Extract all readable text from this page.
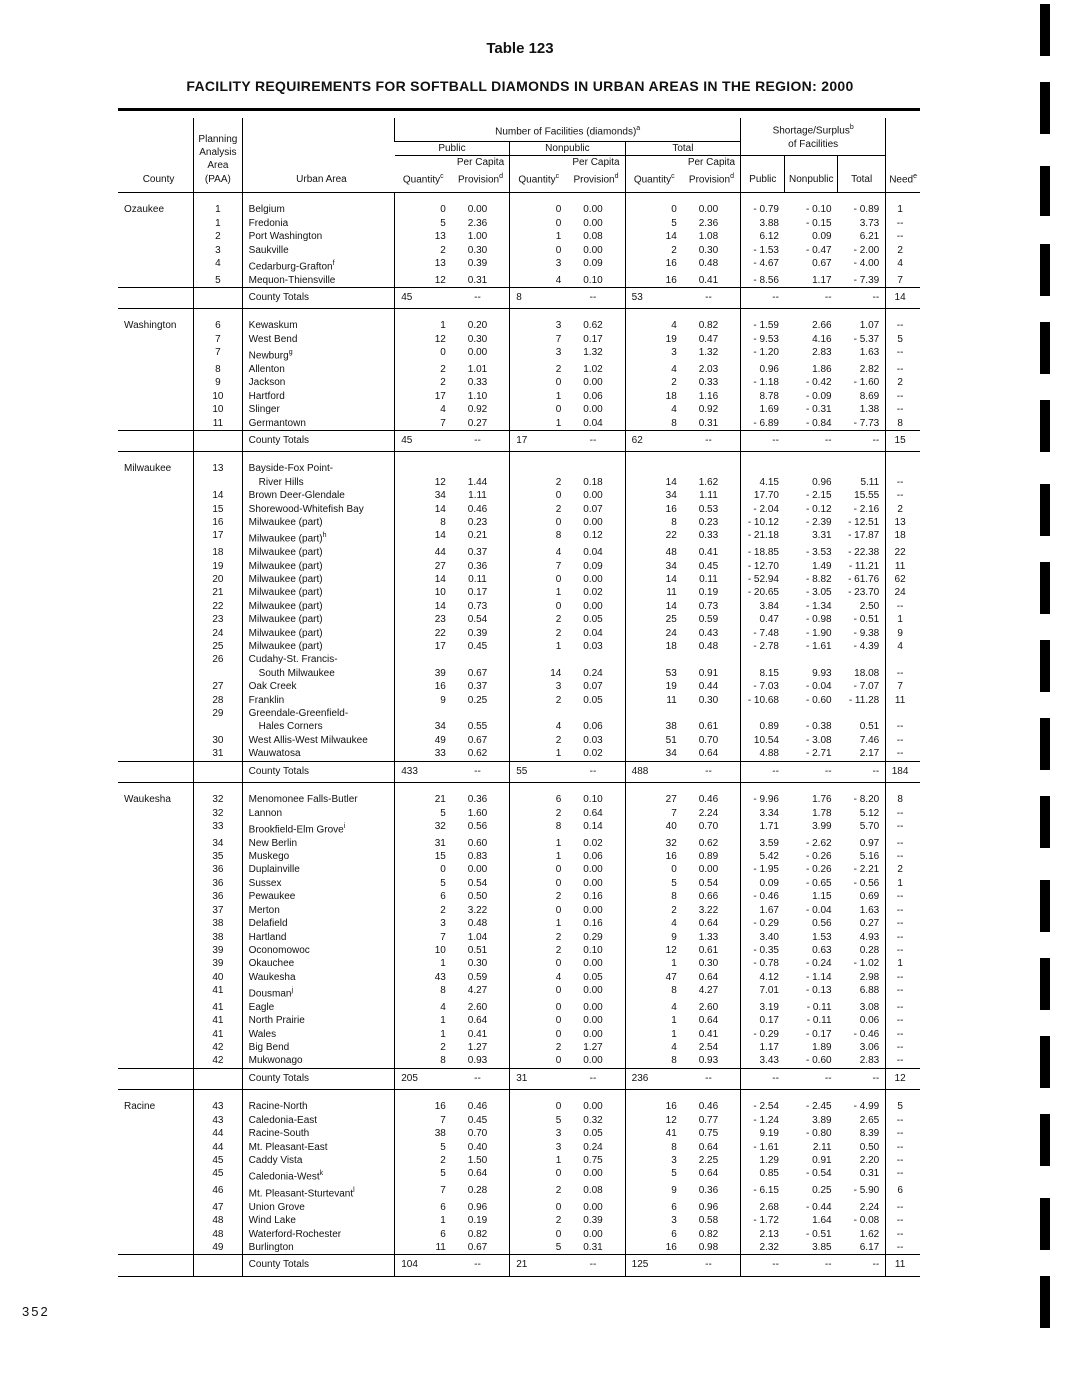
Table 123
FACILITY REQUIREMENTS FOR SOFTBALL DIAMONDS IN URBAN AREAS IN THE REGION: 2000
County	Planning Analysis Area (PAA)	Urban Area	Number of Facilities (diamonds)$^a$						Shortage/Surplus$^b$
of Facilities			Need$^e$
			Public		Nonpublic		Total					
			Quantity$^c$	Per Capita Provision$^d$	Quantity$^c$	Per Capita Provision$^d$	Quantity$^c$	Per Capita Provision$^d$	Public	Nonpublic	Total	

Ozaukee	1	Belgium	0	0.00	0	0.00	0	0.00	- 0.79	- 0.10	- 0.89	1
	1	Fredonia	5	2.36	0	0.00	5	2.36	3.88	- 0.15	3.73	--
	2	Port Washington	13	1.00	1	0.08	14	1.08	6.12	0.09	6.21	--
	3	Saukville	2	0.30	0	0.00	2	0.30	- 1.53	- 0.47	- 2.00	2
	4	Cedarburg-Grafton$^f$	13	0.39	3	0.09	16	0.48	- 4.67	0.67	- 4.00	4
	5	Mequon-Thiensville	12	0.31	4	0.10	16	0.41	- 8.56	1.17	- 7.39	7
		County Totals	45	--	8	--	53	--	--	--	--	14

Washington	6	Kewaskum	1	0.20	3	0.62	4	0.82	- 1.59	2.66	1.07	--
	7	West Bend	12	0.30	7	0.17	19	0.47	- 9.53	4.16	- 5.37	5
	7	Newburg$^g$	0	0.00	3	1.32	3	1.32	- 1.20	2.83	1.63	--
	8	Allenton	2	1.01	2	1.02	4	2.03	0.96	1.86	2.82	--
	9	Jackson	2	0.33	0	0.00	2	0.33	- 1.18	- 0.42	- 1.60	2
	10	Hartford	17	1.10	1	0.06	18	1.16	8.78	- 0.09	8.69	--
	10	Slinger	4	0.92	0	0.00	4	0.92	1.69	- 0.31	1.38	--
	11	Germantown	7	0.27	1	0.04	8	0.31	- 6.89	- 0.84	- 7.73	8
		County Totals	45	--	17	--	62	--	--	--	--	15

Milwaukee	13	Bayside-Fox Point-										
		River Hills	12	1.44	2	0.18	14	1.62	4.15	0.96	5.11	--
	14	Brown Deer-Glendale	34	1.11	0	0.00	34	1.11	17.70	- 2.15	15.55	--
	15	Shorewood-Whitefish Bay	14	0.46	2	0.07	16	0.53	- 2.04	- 0.12	- 2.16	2
	16	Milwaukee (part)	8	0.23	0	0.00	8	0.23	- 10.12	- 2.39	- 12.51	13
	17	Milwaukee (part)$^h$	14	0.21	8	0.12	22	0.33	- 21.18	3.31	- 17.87	18
	18	Milwaukee (part)	44	0.37	4	0.04	48	0.41	- 18.85	- 3.53	- 22.38	22
	19	Milwaukee (part)	27	0.36	7	0.09	34	0.45	- 12.70	1.49	- 11.21	11
	20	Milwaukee (part)	14	0.11	0	0.00	14	0.11	- 52.94	- 8.82	- 61.76	62
	21	Milwaukee (part)	10	0.17	1	0.02	11	0.19	- 20.65	- 3.05	- 23.70	24
	22	Milwaukee (part)	14	0.73	0	0.00	14	0.73	3.84	- 1.34	2.50	--
	23	Milwaukee (part)	23	0.54	2	0.05	25	0.59	0.47	- 0.98	- 0.51	1
	24	Milwaukee (part)	22	0.39	2	0.04	24	0.43	- 7.48	- 1.90	- 9.38	9
	25	Milwaukee (part)	17	0.45	1	0.03	18	0.48	- 2.78	- 1.61	- 4.39	4
	26	Cudahy-St. Francis-										
		South Milwaukee	39	0.67	14	0.24	53	0.91	8.15	9.93	18.08	--
	27	Oak Creek	16	0.37	3	0.07	19	0.44	- 7.03	- 0.04	- 7.07	7
	28	Franklin	9	0.25	2	0.05	11	0.30	- 10.68	- 0.60	- 11.28	11
	29	Greendale-Greenfield-										
		Hales Corners	34	0.55	4	0.06	38	0.61	0.89	- 0.38	0.51	--
	30	West Allis-West Milwaukee	49	0.67	2	0.03	51	0.70	10.54	- 3.08	7.46	--
	31	Wauwatosa	33	0.62	1	0.02	34	0.64	4.88	- 2.71	2.17	--
		County Totals	433	--	55	--	488	--	--	--	--	184

Waukesha	32	Menomonee Falls-Butler	21	0.36	6	0.10	27	0.46	- 9.96	1.76	- 8.20	8
	32	Lannon	5	1.60	2	0.64	7	2.24	3.34	1.78	5.12	--
	33	Brookfield-Elm Grove$^i$	32	0.56	8	0.14	40	0.70	1.71	3.99	5.70	--
	34	New Berlin	31	0.60	1	0.02	32	0.62	3.59	- 2.62	0.97	--
	35	Muskego	15	0.83	1	0.06	16	0.89	5.42	- 0.26	5.16	--
	36	Duplainville	0	0.00	0	0.00	0	0.00	- 1.95	- 0.26	- 2.21	2
	36	Sussex	5	0.54	0	0.00	5	0.54	0.09	- 0.65	- 0.56	1
	36	Pewaukee	6	0.50	2	0.16	8	0.66	- 0.46	1.15	0.69	--
	37	Merton	2	3.22	0	0.00	2	3.22	1.67	- 0.04	1.63	--
	38	Delafield	3	0.48	1	0.16	4	0.64	- 0.29	0.56	0.27	--
	38	Hartland	7	1.04	2	0.29	9	1.33	3.40	1.53	4.93	--
	39	Oconomowoc	10	0.51	2	0.10	12	0.61	- 0.35	0.63	0.28	--
	39	Okauchee	1	0.30	0	0.00	1	0.30	- 0.78	- 0.24	- 1.02	1
	40	Waukesha	43	0.59	4	0.05	47	0.64	4.12	- 1.14	2.98	--
	41	Dousman$^j$	8	4.27	0	0.00	8	4.27	7.01	- 0.13	6.88	--
	41	Eagle	4	2.60	0	0.00	4	2.60	3.19	- 0.11	3.08	--
	41	North Prairie	1	0.64	0	0.00	1	0.64	0.17	- 0.11	0.06	--
	41	Wales	1	0.41	0	0.00	1	0.41	- 0.29	- 0.17	- 0.46	--
	42	Big Bend	2	1.27	2	1.27	4	2.54	1.17	1.89	3.06	--
	42	Mukwonago	8	0.93	0	0.00	8	0.93	3.43	- 0.60	2.83	--
		County Totals	205	--	31	--	236	--	--	--	--	12

Racine	43	Racine-North	16	0.46	0	0.00	16	0.46	- 2.54	- 2.45	- 4.99	5
	43	Caledonia-East	7	0.45	5	0.32	12	0.77	- 1.24	3.89	2.65	--
	44	Racine-South	38	0.70	3	0.05	41	0.75	9.19	- 0.80	8.39	--
	44	Mt. Pleasant-East	5	0.40	3	0.24	8	0.64	- 1.61	2.11	0.50	--
	45	Caddy Vista	2	1.50	1	0.75	3	2.25	1.29	0.91	2.20	--
	45	Caledonia-West$^k$	5	0.64	0	0.00	5	0.64	0.85	- 0.54	0.31	--
	46	Mt. Pleasant-Sturtevant$^l$	7	0.28	2	0.08	9	0.36	- 6.15	0.25	- 5.90	6
	47	Union Grove	6	0.96	0	0.00	6	0.96	2.68	- 0.44	2.24	--
	48	Wind Lake	1	0.19	2	0.39	3	0.58	- 1.72	1.64	- 0.08	--
	48	Waterford-Rochester	6	0.82	0	0.00	6	0.82	2.13	- 0.51	1.62	--
	49	Burlington	11	0.67	5	0.31	16	0.98	2.32	3.85	6.17	--
		County Totals	104	--	21	--	125	--	--	--	--	11
352
